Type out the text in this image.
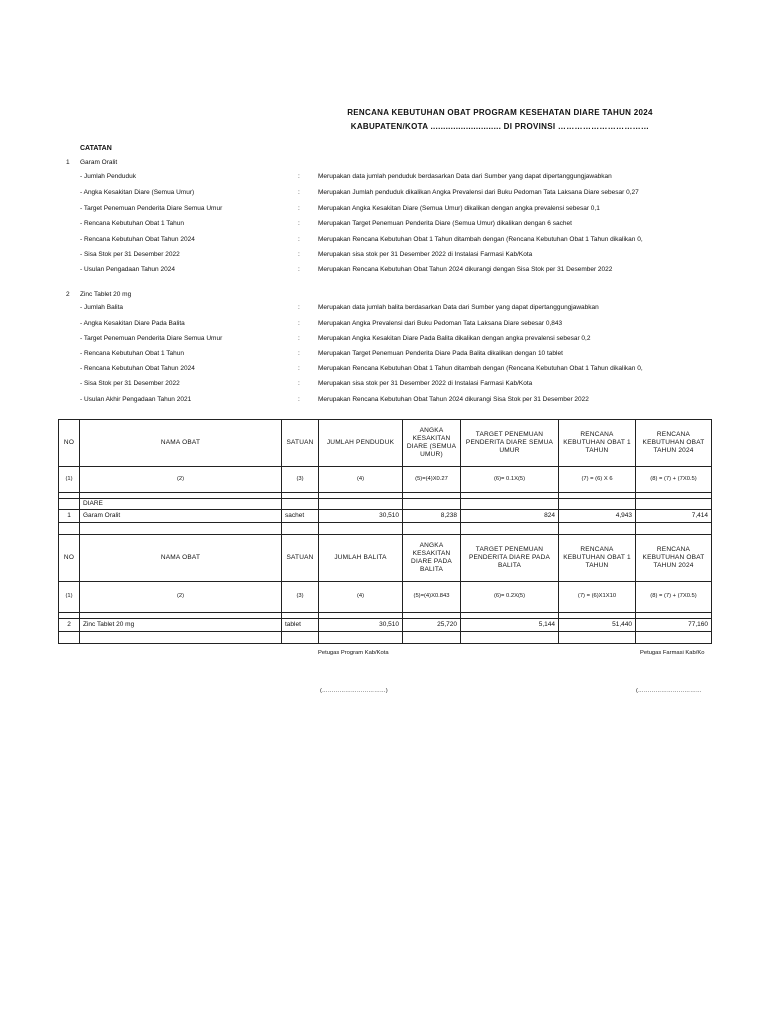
RENCANA KEBUTUHAN OBAT PROGRAM KESEHATAN DIARE TAHUN 2024
KABUPATEN/KOTA ............................ DI PROVINSI ……………………………
CATATAN
1 Garam Oralit
- Jumlah Penduduk	:	Merupakan data jumlah penduduk berdasarkan Data dari Sumber yang dapat dipertanggungjawabkan
- Angka Kesakitan Diare (Semua Umur)	:	Merupakan Jumlah penduduk dikalikan Angka Prevalensi dari Buku Pedoman Tata Laksana Diare sebesar 0,27
- Target Penemuan Penderita Diare Semua Umur	:	Merupakan Angka Kesakitan Diare (Semua Umur) dikalikan dengan angka prevalensi sebesar 0,1
- Rencana Kebutuhan Obat 1 Tahun	:	Merupakan Target Penemuan Penderita Diare (Semua Umur) dikalikan dengan 6 sachet
- Rencana Kebutuhan Obat Tahun 2024	:	Merupakan Rencana Kebutuhan Obat 1 Tahun ditambah dengan (Rencana Kebutuhan Obat 1 Tahun dikalikan 0,
- Sisa Stok per 31 Desember 2022	:	Merupakan sisa stok per 31 Desember 2022 di Instalasi Farmasi Kab/Kota
- Usulan Pengadaan Tahun 2024	:	Merupakan Rencana Kebutuhan Obat Tahun 2024 dikurangi dengan Sisa Stok per 31 Desember 2022
2 Zinc Tablet 20 mg
- Jumlah Balita	:	Merupakan data jumlah balita berdasarkan Data dari Sumber yang dapat dipertanggungjawabkan
- Angka Kesakitan Diare Pada Balita	:	Merupakan Angka Prevalensi dari Buku Pedoman Tata Laksana Diare sebesar 0,843
- Target Penemuan Penderita Diare Semua Umur	:	Merupakan Angka Kesakitan Diare Pada Balita dikalikan dengan angka prevalensi sebesar 0,2
- Rencana Kebutuhan Obat 1 Tahun	:	Merupakan Target Penemuan Penderita Diare Pada Balita dikalikan dengan 10 tablet
- Rencana Kebutuhan Obat Tahun 2024	:	Merupakan Rencana Kebutuhan Obat 1 Tahun ditambah dengan (Rencana Kebutuhan Obat 1 Tahun dikalikan 0,
- Sisa Stok per 31 Desember 2022	:	Merupakan sisa stok per 31 Desember 2022 di Instalasi Farmasi Kab/Kota
- Usulan Akhir Pengadaan Tahun 2021	:	Merupakan Rencana Kebutuhan Obat Tahun 2024 dikurangi Sisa Stok per 31 Desember 2022
NO	NAMA OBAT	SATUAN	JUMLAH PENDUDUK	ANGKA KESAKITAN DIARE (SEMUA UMUR)	TARGET PENEMUAN PENDERITA DIARE SEMUA UMUR	RENCANA KEBUTUHAN OBAT 1 TAHUN	RENCANA KEBUTUHAN OBAT TAHUN 2024
(1)	(2)	(3)	(4)	(5)=(4)X0.27	(6)= 0.1X(5)	(7) = (6) X 6	(8) = (7) + (7X0.5)

	DIARE						
1	Garam Oralit	sachet	30,510	8,238	824	4,943	7,414

NO	NAMA OBAT	SATUAN	JUMLAH BALITA	ANGKA KESAKITAN DIARE PADA BALITA	TARGET PENEMUAN PENDERITA DIARE PADA BALITA	RENCANA KEBUTUHAN OBAT 1 TAHUN	RENCANA KEBUTUHAN OBAT TAHUN 2024
(1)	(2)	(3)	(4)	(5)=(4)X0.843	(6)= 0.2X(5)	(7) = (6)X1X10	(8) = (7) + (7X0.5)

2	Zinc Tablet 20 mg	tablet	30,510	25,720	5,144	51,440	77,160

Petugas Program Kab/Kota	Petugas Farmasi Kab/Ko
(……………………………)	(……………………………
